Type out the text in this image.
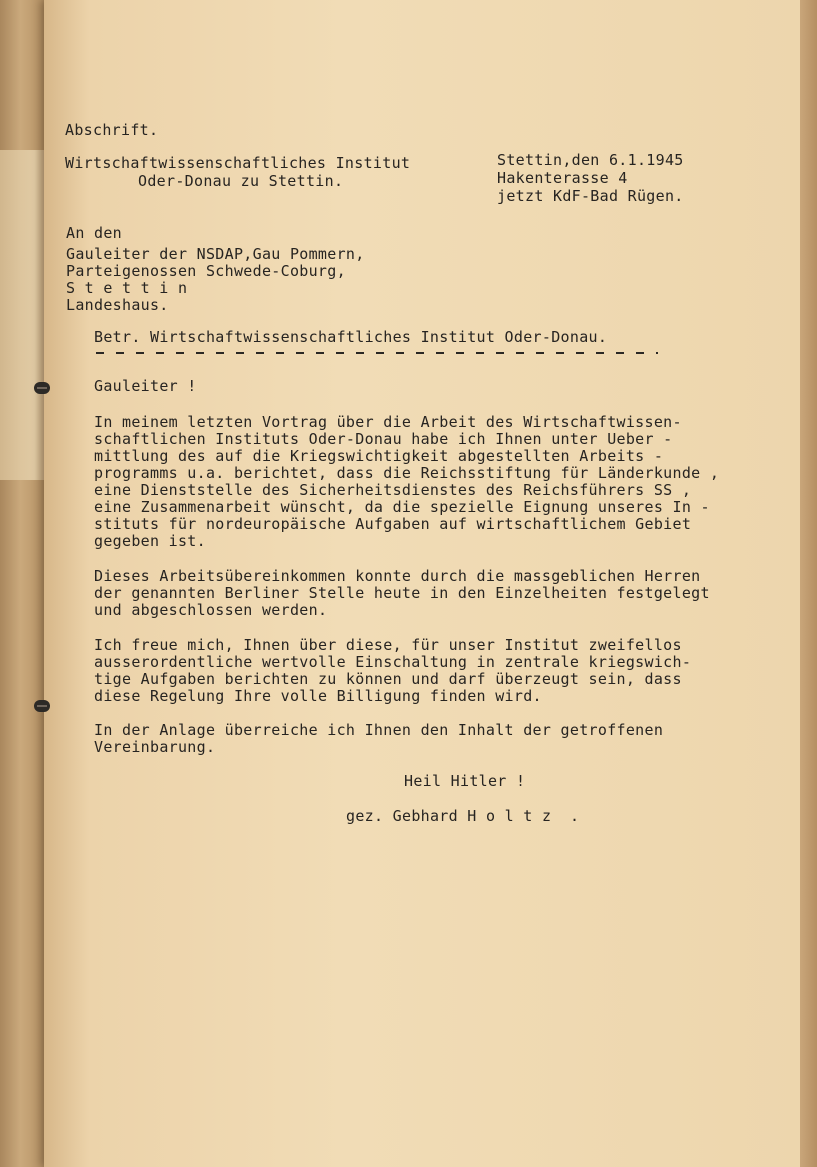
Abschrift.
Wirtschaftwissenschaftliches Institut
Oder-Donau zu Stettin.
Stettin,den 6.1.1945
Hakenterasse 4
jetzt KdF-Bad Rügen.
An den
Gauleiter der NSDAP,Gau Pommern,
Parteigenossen Schwede-Coburg,
S t e t t i n
Landeshaus.
Betr. Wirtschaftwissenschaftliches Institut Oder-Donau.
Gauleiter !
In meinem letzten Vortrag über die Arbeit des Wirtschaftwissen-
schaftlichen Instituts Oder-Donau habe ich Ihnen unter Ueber -
mittlung des auf die Kriegswichtigkeit abgestellten Arbeits -
programms u.a. berichtet, dass die Reichsstiftung für Länderkunde ,
eine Dienststelle des Sicherheitsdienstes des Reichsführers SS ,
eine Zusammenarbeit wünscht, da die spezielle Eignung unseres In -
stituts für nordeuropäische Aufgaben auf wirtschaftlichem Gebiet
gegeben ist.
Dieses Arbeitsübereinkommen konnte durch die massgeblichen Herren
der genannten Berliner Stelle heute in den Einzelheiten festgelegt
und abgeschlossen werden.
Ich freue mich, Ihnen über diese, für unser Institut zweifellos
ausserordentliche wertvolle Einschaltung in zentrale kriegswich-
tige Aufgaben berichten zu können und darf überzeugt sein, dass
diese Regelung Ihre volle Billigung finden wird.
In der Anlage überreiche ich Ihnen den Inhalt der getroffenen
Vereinbarung.
Heil Hitler !
gez. Gebhard H o l t z  .
